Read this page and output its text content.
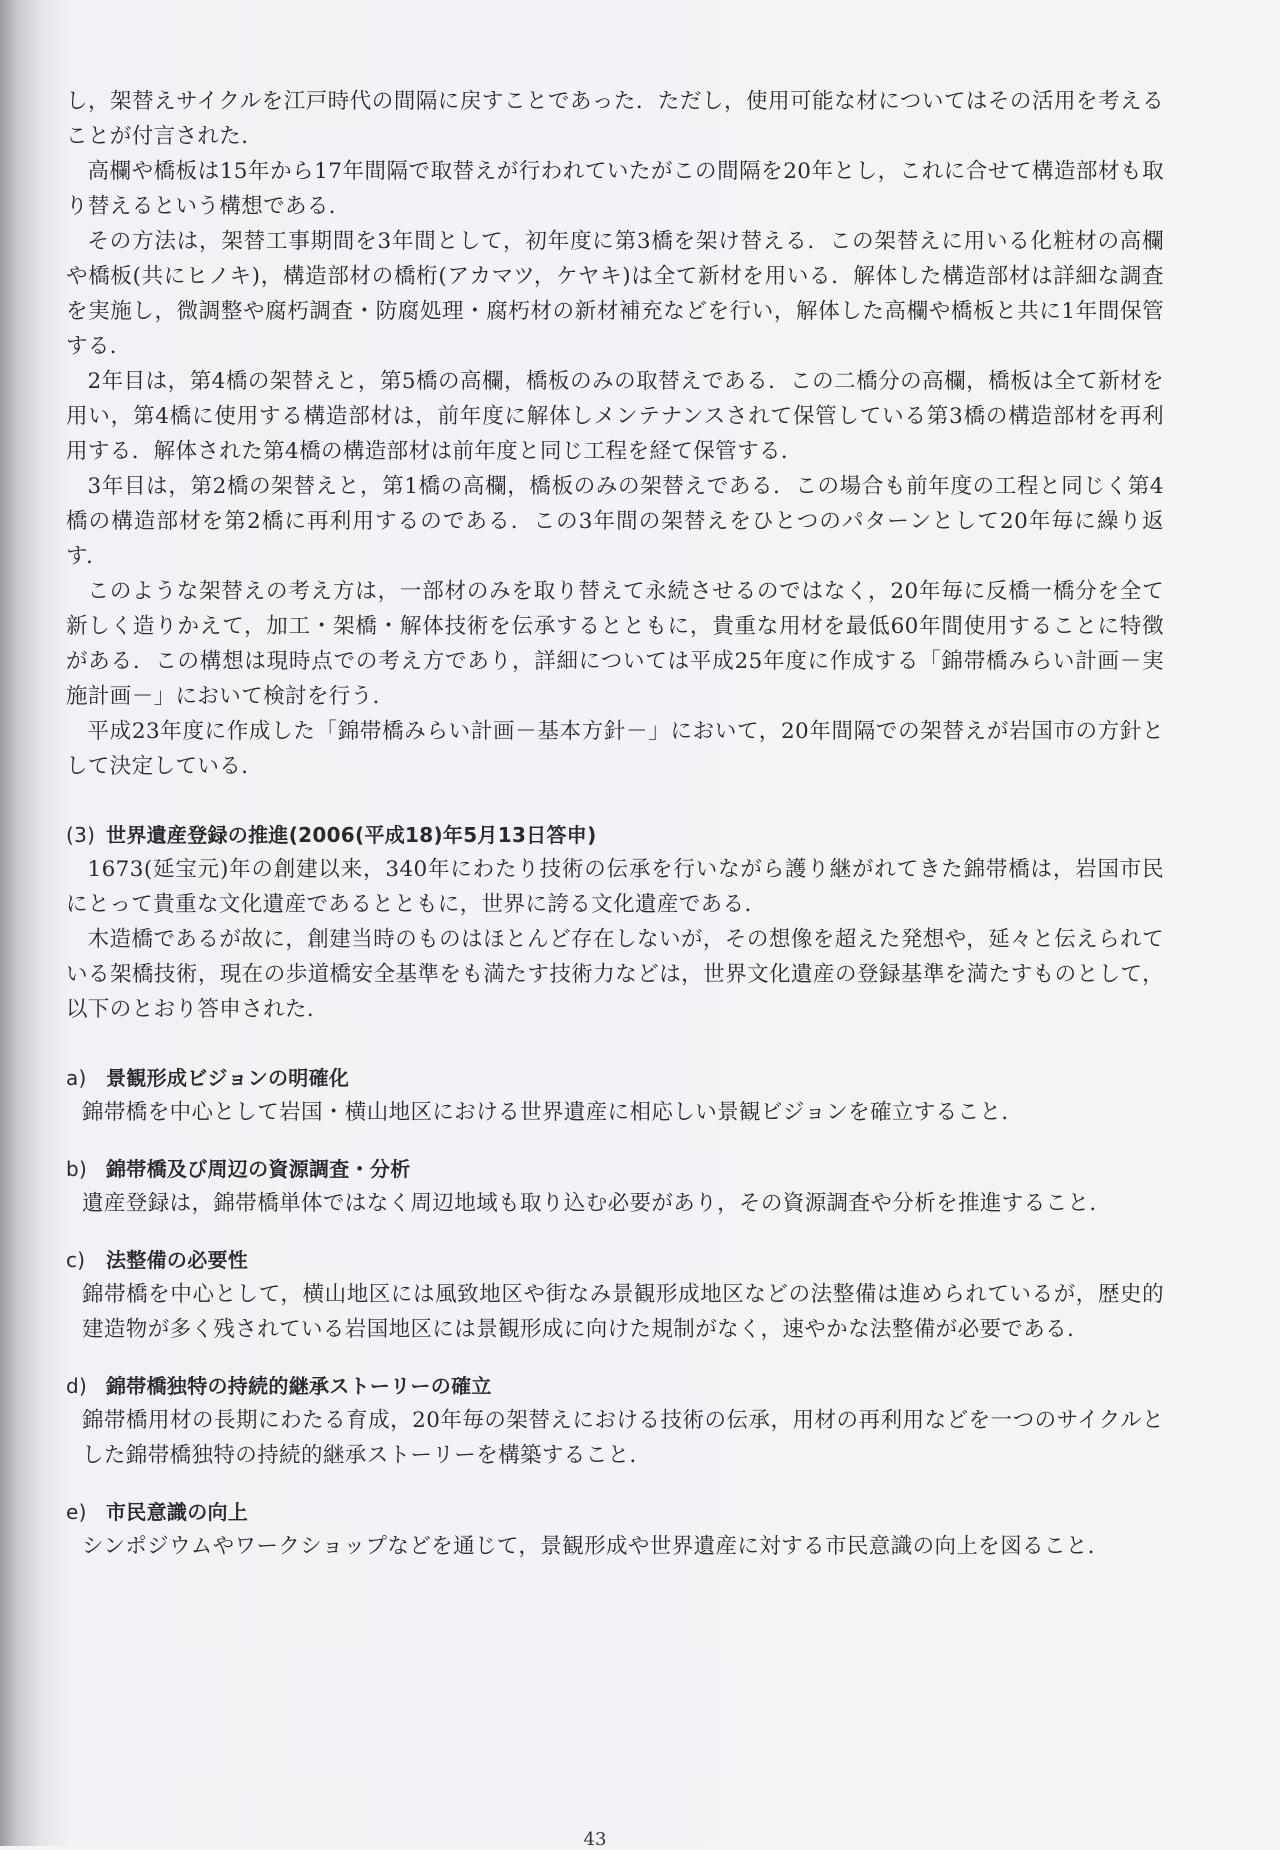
し，架替えサイクルを江戸時代の間隔に戻すことであった．ただし，使用可能な材についてはその活用を考えることが付言された．

高欄や橋板は15年から17年間隔で取替えが行われていたがこの間隔を20年とし，これに合せて構造部材も取り替えるという構想である．

その方法は，架替工事期間を3年間として，初年度に第3橋を架け替える．この架替えに用いる化粧材の高欄や橋板(共にヒノキ)，構造部材の橋桁(アカマツ，ケヤキ)は全て新材を用いる．解体した構造部材は詳細な調査を実施し，微調整や腐朽調査・防腐処理・腐朽材の新材補充などを行い，解体した高欄や橋板と共に1年間保管する．

2年目は，第4橋の架替えと，第5橋の高欄，橋板のみの取替えである．この二橋分の高欄，橋板は全て新材を用い，第4橋に使用する構造部材は，前年度に解体しメンテナンスされて保管している第3橋の構造部材を再利用する．解体された第4橋の構造部材は前年度と同じ工程を経て保管する．

3年目は，第2橋の架替えと，第1橋の高欄，橋板のみの架替えである．この場合も前年度の工程と同じく第4橋の構造部材を第2橋に再利用するのである．この3年間の架替えをひとつのパターンとして20年毎に繰り返す．

このような架替えの考え方は，一部材のみを取り替えて永続させるのではなく，20年毎に反橋一橋分を全て新しく造りかえて，加工・架橋・解体技術を伝承するとともに，貴重な用材を最低60年間使用することに特徴がある．この構想は現時点での考え方であり，詳細については平成25年度に作成する「錦帯橋みらい計画－実施計画－」において検討を行う．

平成23年度に作成した「錦帯橋みらい計画－基本方針－」において，20年間隔での架替えが岩国市の方針として決定している．

(3) 世界遺産登録の推進(2006(平成18)年5月13日答申)

1673(延宝元)年の創建以来，340年にわたり技術の伝承を行いながら護り継がれてきた錦帯橋は，岩国市民にとって貴重な文化遺産であるとともに，世界に誇る文化遺産である．

木造橋であるが故に，創建当時のものはほとんど存在しないが，その想像を超えた発想や，延々と伝えられている架橋技術，現在の歩道橋安全基準をも満たす技術力などは，世界文化遺産の登録基準を満たすものとして，以下のとおり答申された．

a) 景観形成ビジョンの明確化

錦帯橋を中心として岩国・横山地区における世界遺産に相応しい景観ビジョンを確立すること．

b) 錦帯橋及び周辺の資源調査・分析

遺産登録は，錦帯橋単体ではなく周辺地域も取り込む必要があり，その資源調査や分析を推進すること．

c) 法整備の必要性

錦帯橋を中心として，横山地区には風致地区や街なみ景観形成地区などの法整備は進められているが，歴史的建造物が多く残されている岩国地区には景観形成に向けた規制がなく，速やかな法整備が必要である．

d) 錦帯橋独特の持続的継承ストーリーの確立

錦帯橋用材の長期にわたる育成，20年毎の架替えにおける技術の伝承，用材の再利用などを一つのサイクルとした錦帯橋独特の持続的継承ストーリーを構築すること．

e) 市民意識の向上

シンポジウムやワークショップなどを通じて，景観形成や世界遺産に対する市民意識の向上を図ること．

43
